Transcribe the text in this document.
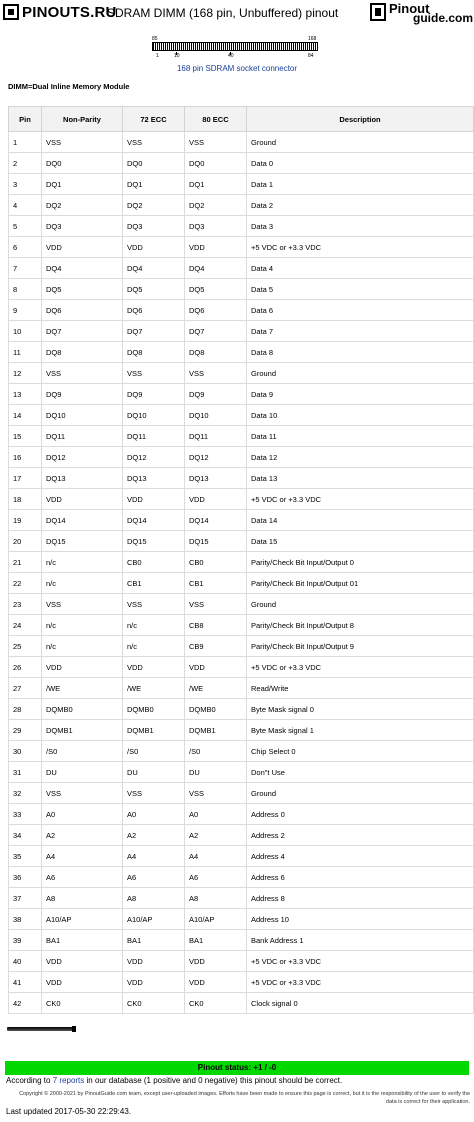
PINOUTS.RU
SDRAM DIMM (168 pin, Unbuffered) pinout	Pinout
guide.com
85	168
1	10	40	84
168 pin SDRAM socket connector
DIMM=Dual Inline Memory Module
Pin	Non-Parity	72 ECC	80 ECC	Description
1	VSS	VSS	VSS	Ground
2	DQ0	DQ0	DQ0	Data 0
3	DQ1	DQ1	DQ1	Data 1
4	DQ2	DQ2	DQ2	Data 2
5	DQ3	DQ3	DQ3	Data 3
6	VDD	VDD	VDD	+5 VDC or +3.3 VDC
7	DQ4	DQ4	DQ4	Data 4
8	DQ5	DQ5	DQ5	Data 5
9	DQ6	DQ6	DQ6	Data 6
10	DQ7	DQ7	DQ7	Data 7
11	DQ8	DQ8	DQ8	Data 8
12	VSS	VSS	VSS	Ground
13	DQ9	DQ9	DQ9	Data 9
14	DQ10	DQ10	DQ10	Data 10
15	DQ11	DQ11	DQ11	Data 11
16	DQ12	DQ12	DQ12	Data 12
17	DQ13	DQ13	DQ13	Data 13
18	VDD	VDD	VDD	+5 VDC or +3.3 VDC
19	DQ14	DQ14	DQ14	Data 14
20	DQ15	DQ15	DQ15	Data 15
21	n/c	CB0	CB0	Parity/Check Bit Input/Output 0
22	n/c	CB1	CB1	Parity/Check Bit Input/Output 01
23	VSS	VSS	VSS	Ground
24	n/c	n/c	CB8	Parity/Check Bit Input/Output 8
25	n/c	n/c	CB9	Parity/Check Bit Input/Output 9
26	VDD	VDD	VDD	+5 VDC or +3.3 VDC
27	/WE	/WE	/WE	Read/Write
28	DQMB0	DQMB0	DQMB0	Byte Mask signal 0
29	DQMB1	DQMB1	DQMB1	Byte Mask signal 1
30	/S0	/S0	/S0	Chip Select 0
31	DU	DU	DU	Don"t Use
32	VSS	VSS	VSS	Ground
33	A0	A0	A0	Address 0
34	A2	A2	A2	Address 2
35	A4	A4	A4	Address 4
36	A6	A6	A6	Address 6
37	A8	A8	A8	Address 8
38	A10/AP	A10/AP	A10/AP	Address 10
39	BA1	BA1	BA1	Bank Address 1
40	VDD	VDD	VDD	+5 VDC or +3.3 VDC
41	VDD	VDD	VDD	+5 VDC or +3.3 VDC
42	CK0	CK0	CK0	Clock signal 0
Pinout status: +1 / -0
According to 7 reports in our database (1 positive and 0 negative) this pinout should be correct.
Copyright © 2000-2021 by PinoutGuide.com team, except user-uploaded images. Efforts have been made to ensure this page is correct, but it is the responsibility of the user to verify the data is correct for their application.
Last updated 2017-05-30 22:29:43.
